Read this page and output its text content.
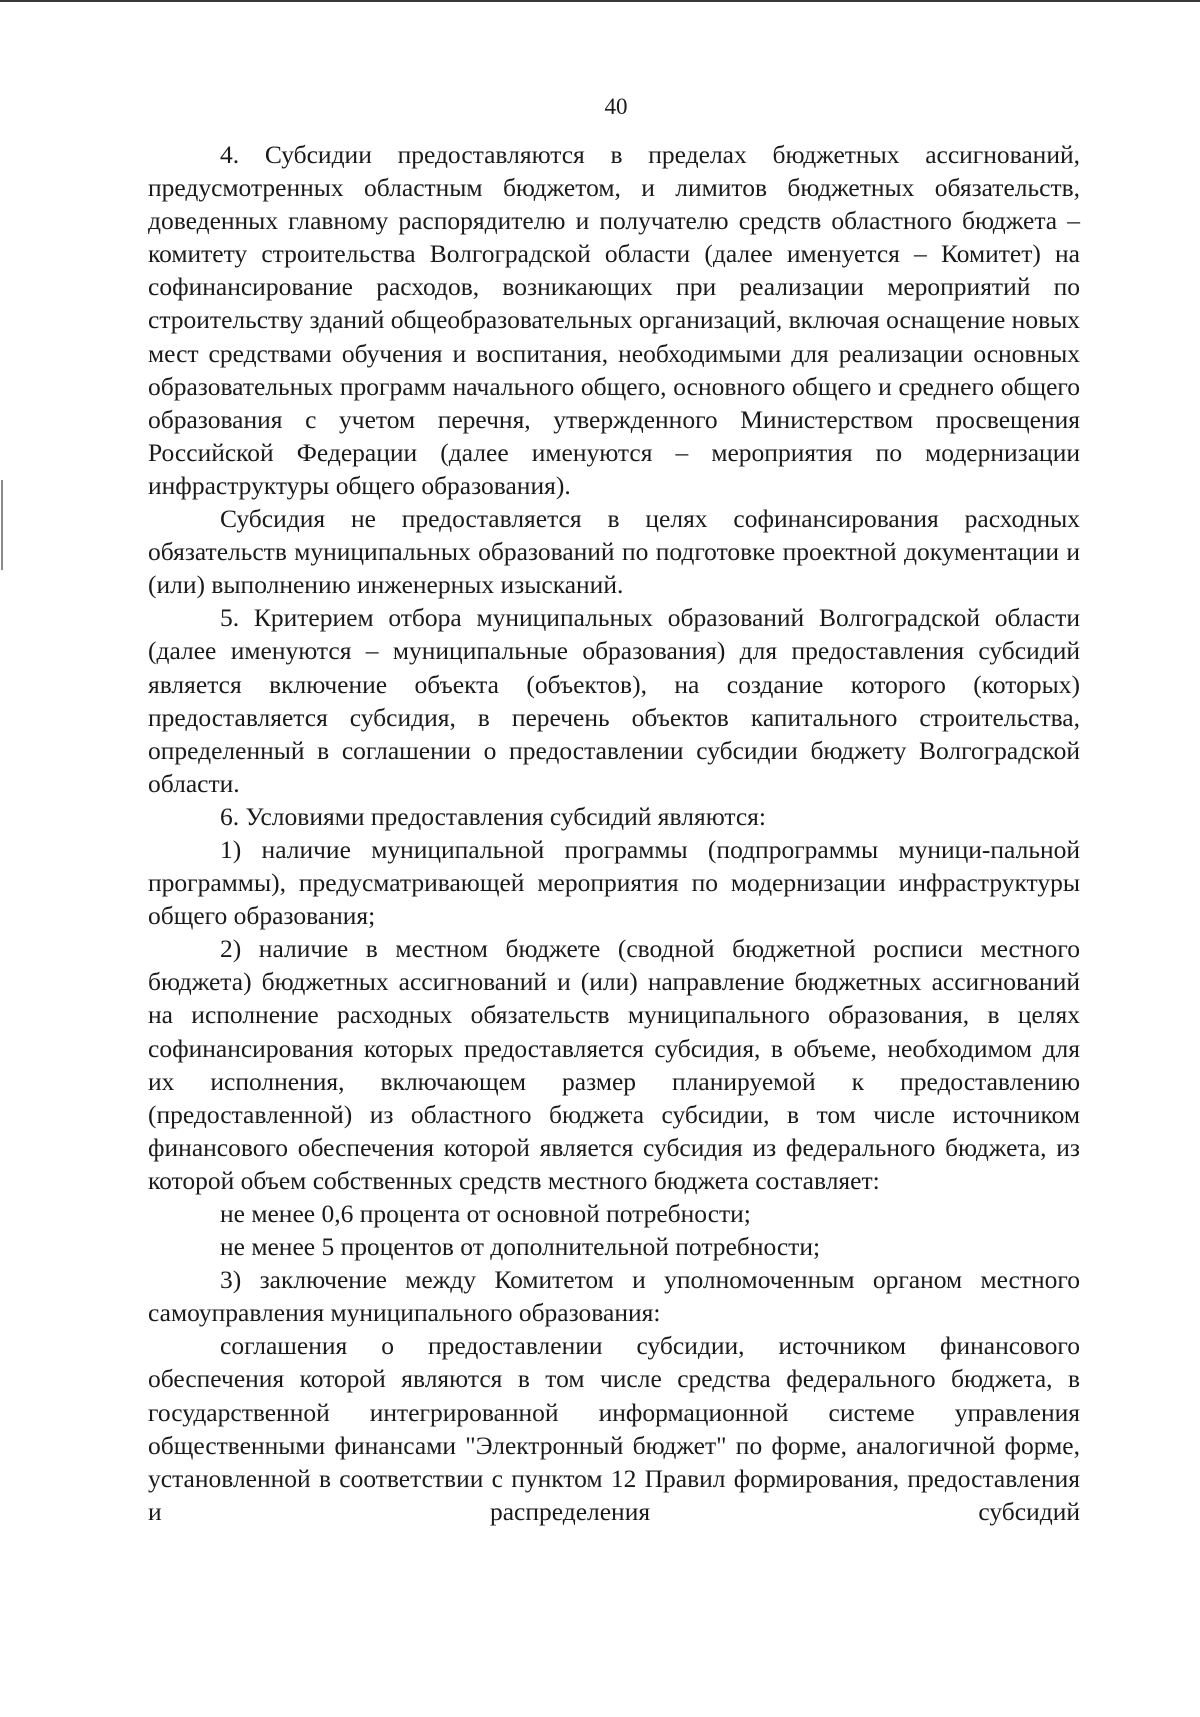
40

4. Субсидии предоставляются в пределах бюджетных ассигнований, предусмотренных областным бюджетом, и лимитов бюджетных обязательств, доведенных главному распорядителю и получателю средств областного бюджета – комитету строительства Волгоградской области (далее именуется – Комитет) на софинансирование расходов, возникающих при реализации мероприятий по строительству зданий общеобразовательных организаций, включая оснащение новых мест средствами обучения и воспитания, необходимыми для реализации основных образовательных программ начального общего, основного общего и среднего общего образования с учетом перечня, утвержденного Министерством просвещения Российской Федерации (далее именуются – мероприятия по модернизации инфраструктуры общего образования).

Субсидия не предоставляется в целях софинансирования расходных обязательств муниципальных образований по подготовке проектной документации и (или) выполнению инженерных изысканий.

5. Критерием отбора муниципальных образований Волгоградской области (далее именуются – муниципальные образования) для предоставления субсидий является включение объекта (объектов), на создание которого (которых) предоставляется субсидия, в перечень объектов капитального строительства, определенный в соглашении о предоставлении субсидии бюджету Волгоградской области.

6. Условиями предоставления субсидий являются:

1) наличие муниципальной программы (подпрограммы муници-пальной программы), предусматривающей мероприятия по модернизации инфраструктуры общего образования;

2) наличие в местном бюджете (сводной бюджетной росписи местного бюджета) бюджетных ассигнований и (или) направление бюджетных ассигнований на исполнение расходных обязательств муниципального образования, в целях софинансирования которых предоставляется субсидия, в объеме, необходимом для их исполнения, включающем размер планируемой к предоставлению (предоставленной) из областного бюджета субсидии, в том числе источником финансового обеспечения которой является субсидия из федерального бюджета, из которой объем собственных средств местного бюджета составляет:

не менее 0,6 процента от основной потребности;

не менее 5 процентов от дополнительной потребности;

3) заключение между Комитетом и уполномоченным органом местного самоуправления муниципального образования:

соглашения о предоставлении субсидии, источником финансового обеспечения которой являются в том числе средства федерального бюджета, в государственной интегрированной информационной системе управления общественными финансами "Электронный бюджет" по форме, аналогичной форме, установленной в соответствии с пунктом 12 Правил формирования, предоставления и распределения субсидий
